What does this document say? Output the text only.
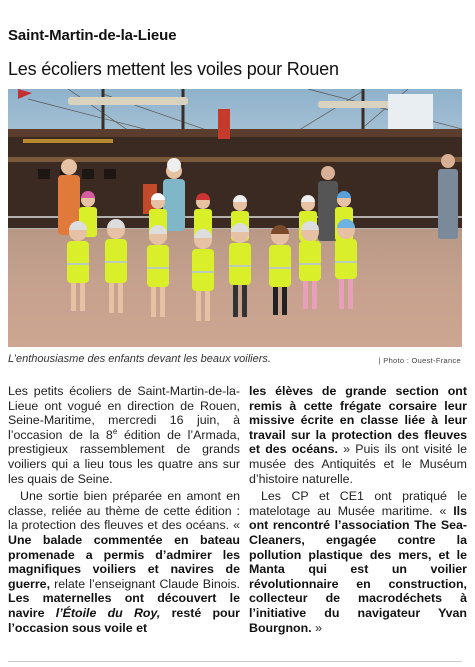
Saint-Martin-de-la-Lieue
Les écoliers mettent les voiles pour Rouen
L’enthousiasme des enfants devant les beaux voiliers.	| Photo : Ouest-France

Les petits écoliers de Saint-Martin-de-la-Lieue ont vogué en direction de Rouen, Seine-Maritime, mercredi 16 juin, à l’occasion de la 8e édition de l’Armada, prestigieux rassemblement de grands voiliers qui a lieu tous les quatre ans sur les quais de Seine.

Une sortie bien préparée en amont en classe, reliée au thème de cette édition : la protection des fleuves et des océans. « Une balade commentée en bateau promenade a permis d’admirer les magnifiques voiliers et navires de guerre, relate l’enseignant Claude Binois. Les maternelles ont découvert le navire l’Étoile du Roy, resté pour l’occasion sous voile et

les élèves de grande section ont remis à cette frégate corsaire leur missive écrite en classe liée à leur travail sur la protection des fleuves et des océans. » Puis ils ont visité le musée des Antiquités et le Muséum d’histoire naturelle.

Les CP et CE1 ont pratiqué le matelotage au Musée maritime. « Ils ont rencontré l’association The Sea-Cleaners, engagée contre la pollution plastique des mers, et le Manta qui est un voilier révolutionnaire en construction, collecteur de macrodéchets à l’initiative du navigateur Yvan Bourgnon. »
